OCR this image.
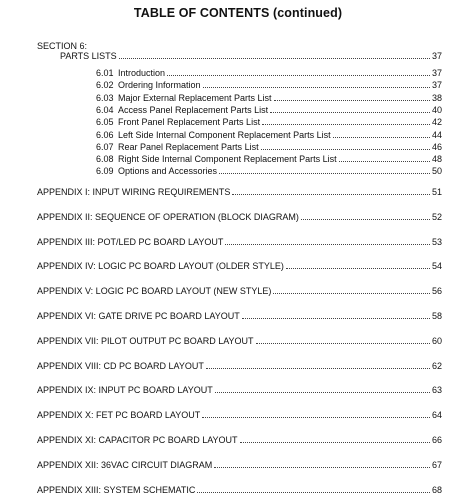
TABLE OF CONTENTS (continued)
SECTION 6:
PARTS LISTS	37
6.01 Introduction	37
6.02 Ordering Information	37
6.03 Major External Replacement Parts List	38
6.04 Access Panel Replacement Parts List	40
6.05 Front Panel Replacement Parts List	42
6.06 Left Side Internal Component Replacement Parts List	44
6.07 Rear Panel Replacement Parts List	46
6.08 Right Side Internal Component Replacement Parts List	48
6.09 Options and Accessories	50
APPENDIX I: INPUT WIRING REQUIREMENTS	51
APPENDIX II: SEQUENCE OF OPERATION (BLOCK DIAGRAM)	52
APPENDIX III: POT/LED PC BOARD LAYOUT	53
APPENDIX IV: LOGIC PC BOARD LAYOUT (OLDER STYLE)	54
APPENDIX V: LOGIC PC BOARD LAYOUT (NEW STYLE)	56
APPENDIX VI: GATE DRIVE PC BOARD LAYOUT	58
APPENDIX VII: PILOT OUTPUT PC BOARD LAYOUT	60
APPENDIX VIII: CD PC BOARD LAYOUT	62
APPENDIX IX: INPUT PC BOARD LAYOUT	63
APPENDIX X: FET PC BOARD LAYOUT	64
APPENDIX XI: CAPACITOR PC BOARD LAYOUT	66
APPENDIX XII: 36VAC CIRCUIT DIAGRAM	67
APPENDIX XIII: SYSTEM SCHEMATIC	68
